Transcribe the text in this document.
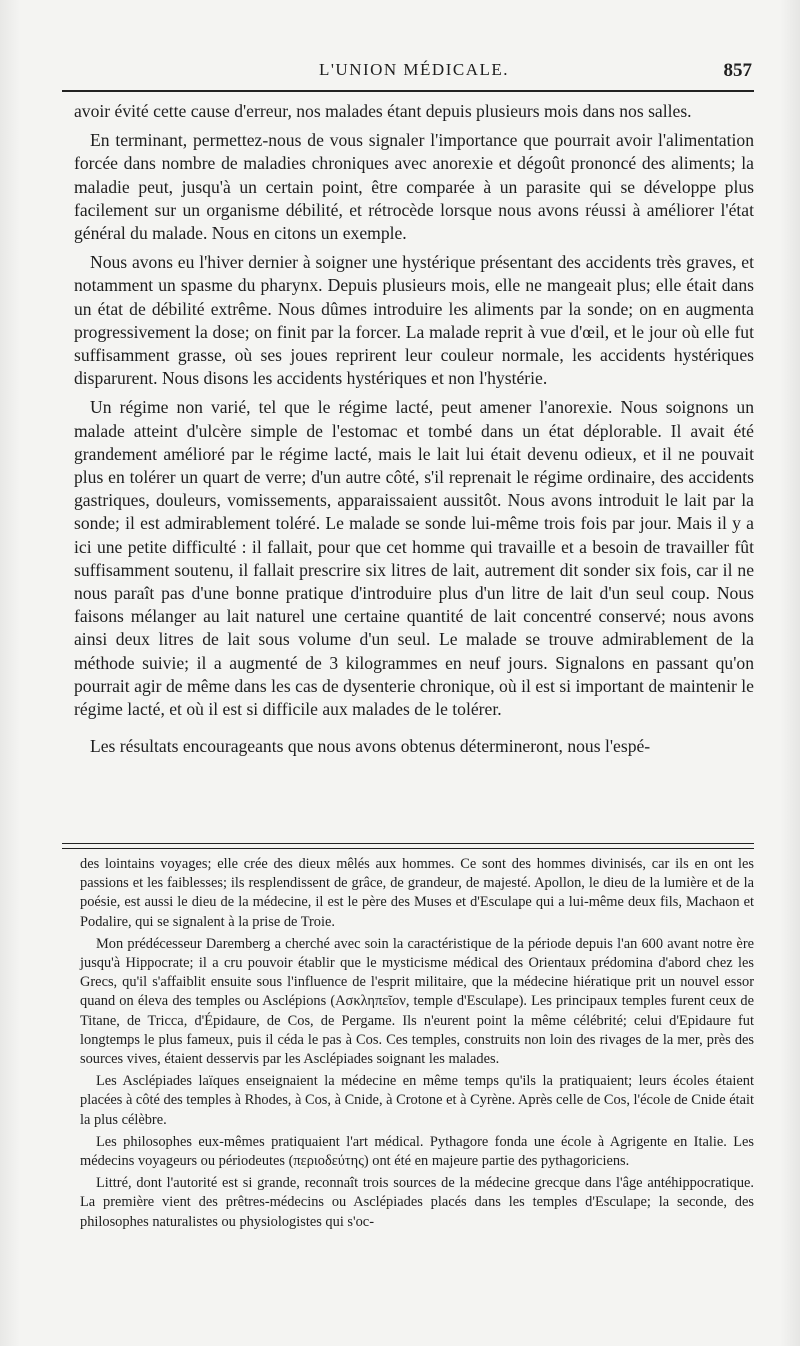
L'UNION MÉDICALE.	857

avoir évité cette cause d'erreur, nos malades étant depuis plusieurs mois dans nos salles.

En terminant, permettez-nous de vous signaler l'importance que pourrait avoir l'alimentation forcée dans nombre de maladies chroniques avec anorexie et dégoût prononcé des aliments; la maladie peut, jusqu'à un certain point, être comparée à un parasite qui se développe plus facilement sur un organisme débilité, et rétrocède lorsque nous avons réussi à améliorer l'état général du malade. Nous en citons un exemple.

Nous avons eu l'hiver dernier à soigner une hystérique présentant des accidents très graves, et notamment un spasme du pharynx. Depuis plusieurs mois, elle ne mangeait plus; elle était dans un état de débilité extrême. Nous dûmes introduire les aliments par la sonde; on en augmenta progressivement la dose; on finit par la forcer. La malade reprit à vue d'œil, et le jour où elle fut suffisamment grasse, où ses joues reprirent leur couleur normale, les accidents hystériques disparurent. Nous disons les accidents hystériques et non l'hystérie.

Un régime non varié, tel que le régime lacté, peut amener l'anorexie. Nous soignons un malade atteint d'ulcère simple de l'estomac et tombé dans un état déplorable. Il avait été grandement amélioré par le régime lacté, mais le lait lui était devenu odieux, et il ne pouvait plus en tolérer un quart de verre; d'un autre côté, s'il reprenait le régime ordinaire, des accidents gastriques, douleurs, vomissements, apparaissaient aussitôt. Nous avons introduit le lait par la sonde; il est admirablement toléré. Le malade se sonde lui-même trois fois par jour. Mais il y a ici une petite difficulté : il fallait, pour que cet homme qui travaille et a besoin de travailler fût suffisamment soutenu, il fallait prescrire six litres de lait, autrement dit sonder six fois, car il ne nous paraît pas d'une bonne pratique d'introduire plus d'un litre de lait d'un seul coup. Nous faisons mélanger au lait naturel une certaine quantité de lait concentré conservé; nous avons ainsi deux litres de lait sous volume d'un seul. Le malade se trouve admirablement de la méthode suivie; il a augmenté de 3 kilogrammes en neuf jours. Signalons en passant qu'on pourrait agir de même dans les cas de dysenterie chronique, où il est si important de maintenir le régime lacté, et où il est si difficile aux malades de le tolérer.

Les résultats encourageants que nous avons obtenus détermineront, nous l'espé-

des lointains voyages; elle crée des dieux mêlés aux hommes. Ce sont des hommes divinisés, car ils en ont les passions et les faiblesses; ils resplendissent de grâce, de grandeur, de majesté. Apollon, le dieu de la lumière et de la poésie, est aussi le dieu de la médecine, il est le père des Muses et d'Esculape qui a lui-même deux fils, Machaon et Podalire, qui se signalent à la prise de Troie.

Mon prédécesseur Daremberg a cherché avec soin la caractéristique de la période depuis l'an 600 avant notre ère jusqu'à Hippocrate; il a cru pouvoir établir que le mysticisme médical des Orientaux prédomina d'abord chez les Grecs, qu'il s'affaiblit ensuite sous l'influence de l'esprit militaire, que la médecine hiératique prit un nouvel essor quand on éleva des temples ou Asclépions (Ασκληπεῖον, temple d'Esculape). Les principaux temples furent ceux de Titane, de Tricca, d'Épidaure, de Cos, de Pergame. Ils n'eurent point la même célébrité; celui d'Epidaure fut longtemps le plus fameux, puis il céda le pas à Cos. Ces temples, construits non loin des rivages de la mer, près des sources vives, étaient desservis par les Asclépiades soignant les malades.

Les Asclépiades laïques enseignaient la médecine en même temps qu'ils la pratiquaient; leurs écoles étaient placées à côté des temples à Rhodes, à Cos, à Cnide, à Crotone et à Cyrène. Après celle de Cos, l'école de Cnide était la plus célèbre.

Les philosophes eux-mêmes pratiquaient l'art médical. Pythagore fonda une école à Agrigente en Italie. Les médecins voyageurs ou périodeutes (περιοδεύτης) ont été en majeure partie des pythagoriciens.

Littré, dont l'autorité est si grande, reconnaît trois sources de la médecine grecque dans l'âge antéhippocratique. La première vient des prêtres-médecins ou Asclépiades placés dans les temples d'Esculape; la seconde, des philosophes naturalistes ou physiologistes qui s'oc-
